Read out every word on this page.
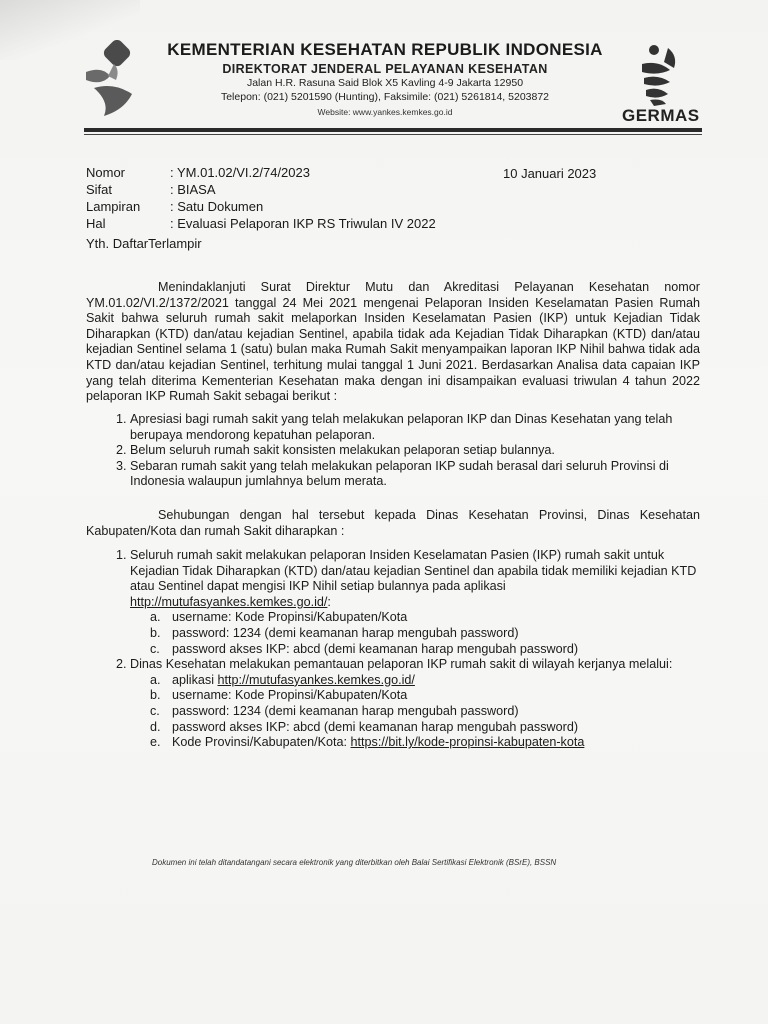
KEMENTERIAN KESEHATAN REPUBLIK INDONESIA
DIREKTORAT JENDERAL PELAYANAN KESEHATAN
Jalan H.R. Rasuna Said Blok X5 Kavling 4-9 Jakarta 12950
Telepon: (021) 5201590 (Hunting), Faksimile: (021) 5261814, 5203872
Website: www.yankes.kemkes.go.id	GERMAS
Nomor	: YM.01.02/VI.2/74/2023
Sifat	: BIASA
Lampiran	: Satu Dokumen
Hal	: Evaluasi Pelaporan IKP RS Triwulan IV 2022
10 Januari 2023
Yth. DaftarTerlampir
Menindaklanjuti Surat Direktur Mutu dan Akreditasi Pelayanan Kesehatan nomor YM.01.02/VI.2/1372/2021 tanggal 24 Mei 2021 mengenai Pelaporan Insiden Keselamatan Pasien Rumah Sakit bahwa seluruh rumah sakit melaporkan Insiden Keselamatan Pasien (IKP) untuk Kejadian Tidak Diharapkan (KTD) dan/atau kejadian Sentinel, apabila tidak ada Kejadian Tidak Diharapkan (KTD) dan/atau kejadian Sentinel selama 1 (satu) bulan maka Rumah Sakit menyampaikan laporan IKP Nihil bahwa tidak ada KTD dan/atau kejadian Sentinel, terhitung mulai tanggal 1 Juni 2021. Berdasarkan Analisa data capaian IKP yang telah diterima Kementerian Kesehatan maka dengan ini disampaikan evaluasi triwulan 4 tahun 2022 pelaporan IKP Rumah Sakit sebagai berikut :
1. Apresiasi bagi rumah sakit yang telah melakukan pelaporan IKP dan Dinas Kesehatan yang telah berupaya mendorong kepatuhan pelaporan.
2. Belum seluruh rumah sakit konsisten melakukan pelaporan setiap bulannya.
3. Sebaran rumah sakit yang telah melakukan pelaporan IKP sudah berasal dari seluruh Provinsi di Indonesia walaupun jumlahnya belum merata.
Sehubungan dengan hal tersebut kepada Dinas Kesehatan Provinsi, Dinas Kesehatan Kabupaten/Kota dan rumah Sakit diharapkan :
1. Seluruh rumah sakit melakukan pelaporan Insiden Keselamatan Pasien (IKP) rumah sakit untuk Kejadian Tidak Diharapkan (KTD) dan/atau kejadian Sentinel dan apabila tidak memiliki kejadian KTD atau Sentinel dapat mengisi IKP Nihil setiap bulannya pada aplikasi
http://mutufasyankes.kemkes.go.id/:
a. username: Kode Propinsi/Kabupaten/Kota
b. password: 1234 (demi keamanan harap mengubah password)
c. password akses IKP: abcd (demi keamanan harap mengubah password)
2. Dinas Kesehatan melakukan pemantauan pelaporan IKP rumah sakit di wilayah kerjanya melalui:
a. aplikasi http://mutufasyankes.kemkes.go.id/
b. username: Kode Propinsi/Kabupaten/Kota
c. password: 1234 (demi keamanan harap mengubah password)
d. password akses IKP: abcd (demi keamanan harap mengubah password)
e. Kode Provinsi/Kabupaten/Kota: https://bit.ly/kode-propinsi-kabupaten-kota
Dokumen ini telah ditandatangani secara elektronik yang diterbitkan oleh Balai Sertifikasi Elektronik (BSrE), BSSN
